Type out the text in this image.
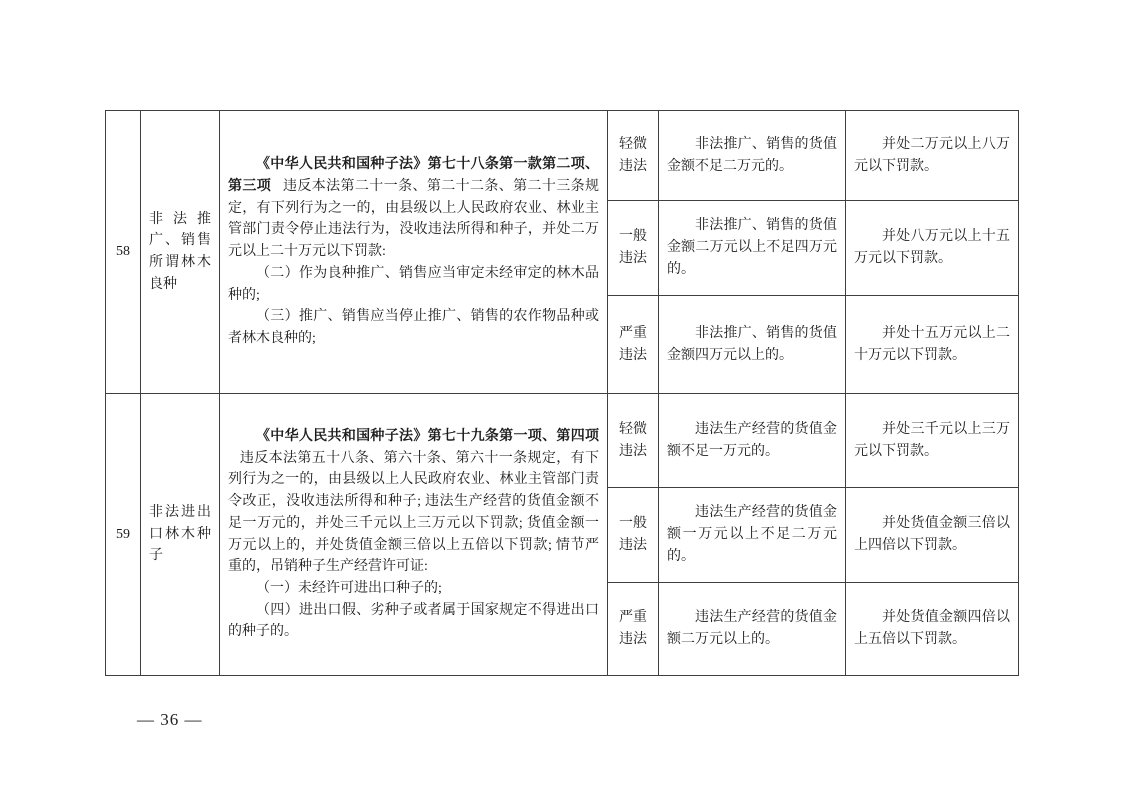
58	非法推广、销售所谓林木良种	《中华人民共和国种子法》第七十八条第一款第二项、第三项 违反本法第二十一条、第二十二条、第二十三条规定，有下列行为之一的，由县级以上人民政府农业、林业主管部门责令停止违法行为，没收违法所得和种子，并处二万元以上二十万元以下罚款:

（二）作为良种推广、销售应当审定未经审定的林木品种的;

（三）推广、销售应当停止推广、销售的农作物品种或者林木良种的;	轻微违法	非法推广、销售的货值金额不足二万元的。	并处二万元以上八万元以下罚款。

			一般违法	非法推广、销售的货值金额二万元以上不足四万元的。	并处八万元以上十五万元以下罚款。

			严重违法	非法推广、销售的货值金额四万元以上的。	并处十五万元以上二十万元以下罚款。

59	非法进出口林木种子	《中华人民共和国种子法》第七十九条第一项、第四项违反本法第五十八条、第六十条、第六十一条规定，有下列行为之一的，由县级以上人民政府农业、林业主管部门责令改正，没收违法所得和种子; 违法生产经营的货值金额不足一万元的，并处三千元以上三万元以下罚款; 货值金额一万元以上的，并处货值金额三倍以上五倍以下罚款; 情节严重的，吊销种子生产经营许可证:

（一）未经许可进出口种子的;

（四）进出口假、劣种子或者属于国家规定不得进出口的种子的。	轻微违法	违法生产经营的货值金额不足一万元的。	并处三千元以上三万元以下罚款。

			一般违法	违法生产经营的货值金额一万元以上不足二万元的。	并处货值金额三倍以上四倍以下罚款。

			严重违法	违法生产经营的货值金额二万元以上的。	并处货值金额四倍以上五倍以下罚款。
— 36 —
